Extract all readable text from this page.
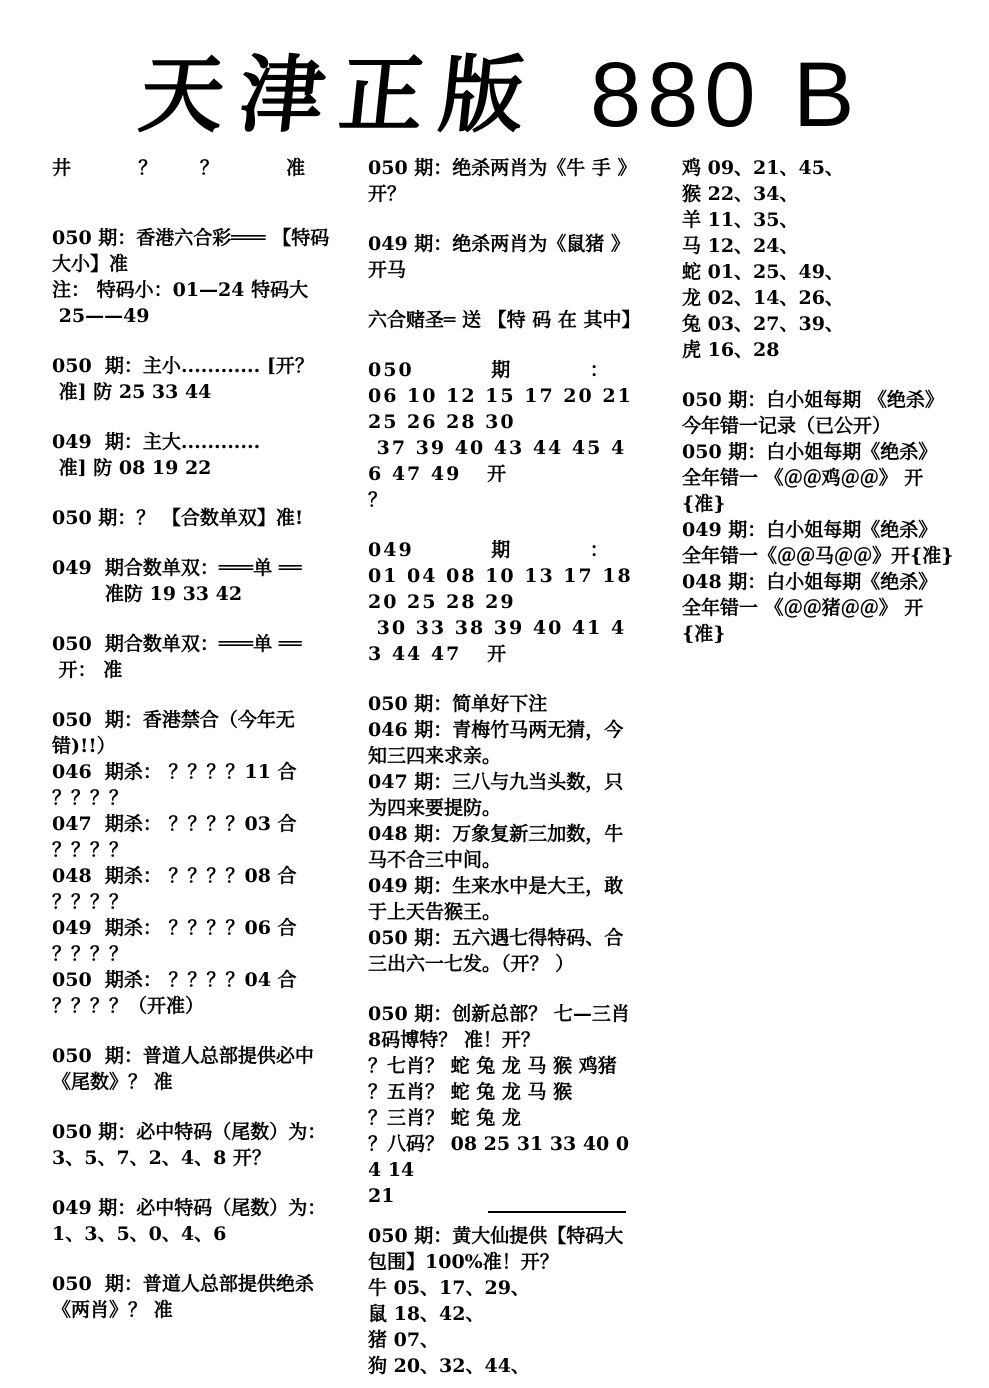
天津正版 880 B
井  ？ ？  准
050 期：香港六合彩═══ 【特码大小】准
注： 特码小：01—24 特码大
25——49
050  期：主小............ [开？
准] 防 25 33 44
049  期：主大............
准] 防 08 19 22
050 期：？ 【合数单双】准!
049  期合数单双：═══单 ══
准防 19 33 42
050  期合数单双：═══单 ══
开： 准
050  期：香港禁合（今年无错)!!）
046  期杀： ？？？？11 合
？？？？
047  期杀： ？？？？03 合
？？？？
048  期杀： ？？？？08 合
？？？？
049  期杀： ？？？？06 合
？？？？
050  期杀： ？？？？04 合
？？？？（开准）
050  期：普道人总部提供必中《尾数》？ 准
050 期：必中特码（尾数）为：
3、5、7、2、4、8 开？
049 期：必中特码（尾数）为：
1、3、5、0、4、6
050  期：普道人总部提供绝杀《两肖》？ 准
050 期：绝杀两肖为《牛 手 》开？
049 期：绝杀两肖为《鼠猪 》开马
六合赌圣═ 送 【特 码 在 其中】
050         期         ：
06 10 12 15 17 20 21 25 26 28 30
37 39 40 43 44 45 46 47 49   开
？
049         期         ：
01 04 08 10 13 17 18 20 25 28 29
30 33 38 39 40 41 43 44 47   开
050 期：简单好下注
046 期：青梅竹马两无猜，今知三四来求亲。
047 期：三八与九当头数，只为四来要提防。
048 期：万象复新三加数，牛马不合三中间。
049 期：生来水中是大王，敢于上天告猴王。
050 期：五六遇七得特码、合三出六一七发。（开？ ）
050 期：创新总部？ 七—三肖 8码博特？ 准！开？
？七肖？ 蛇 兔 龙 马 猴 鸡猪
？五肖？ 蛇 兔 龙 马 猴
？三肖？ 蛇 兔 龙
？八码？ 08 25 31 33 40 04 14
21
050 期：黄大仙提供【特码大包围】100%准！开？
牛 05、17、29、
鼠 18、42、
猪 07、
狗 20、32、44、
鸡 09、21、45、
猴 22、34、
羊 11、35、
马 12、24、
蛇 01、25、49、
龙 02、14、26、
兔 03、27、39、
虎 16、28
050 期：白小姐每期 《绝杀》今年错一记录（已公开）
050 期：白小姐每期《绝杀》全年错一 《＠＠鸡＠＠》 开{准}
049 期：白小姐每期《绝杀》全年错一《＠＠马＠＠》开{准}
048 期：白小姐每期《绝杀》全年错一 《＠＠猪＠＠》 开{准}
